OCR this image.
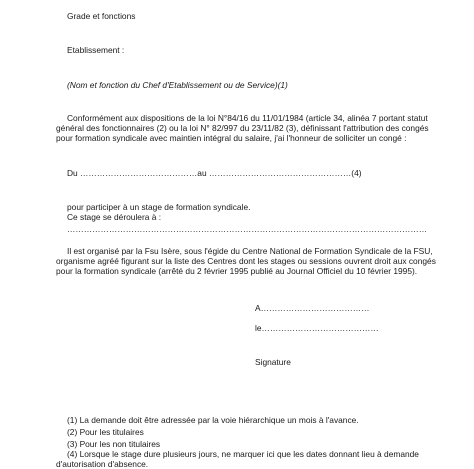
Grade et fonctions

Etablissement :

(Nom et fonction du Chef d'Etablissement ou de Service)(1)

Conformément aux dispositions de la loi N°84/16 du 11/01/1984 (article 34, alinéa 7 portant statut

général des fonctionnaires (2) ou la loi N° 82/997 du 23/11/82 (3), définissant l'attribution des congés

pour formation syndicale avec maintien intégral du salaire, j'ai l'honneur de solliciter un congé :

Du ……………………………………au ……………………………………………(4)

pour participer à un stage de formation syndicale.

Ce stage se déroulera à :

…………………………………………………………………………………………………………………

Il est organisé par la Fsu Isère, sous l'égide du Centre National de Formation Syndicale de la FSU,

organisme agréé figurant sur la liste des Centres dont les stages ou sessions ouvrent droit aux congés

pour la formation syndicale (arrêté du 2 février 1995 publié au Journal Officiel du 10 février 1995).

A…………………………………

le……………………………………

Signature

(1) La demande doit être adressée par la voie hiérarchique un mois à l'avance.

(2) Pour les titulaires

(3) Pour les non titulaires

(4) Lorsque le stage dure plusieurs jours, ne marquer ici que les dates donnant lieu à demande

d'autorisation d'absence.
